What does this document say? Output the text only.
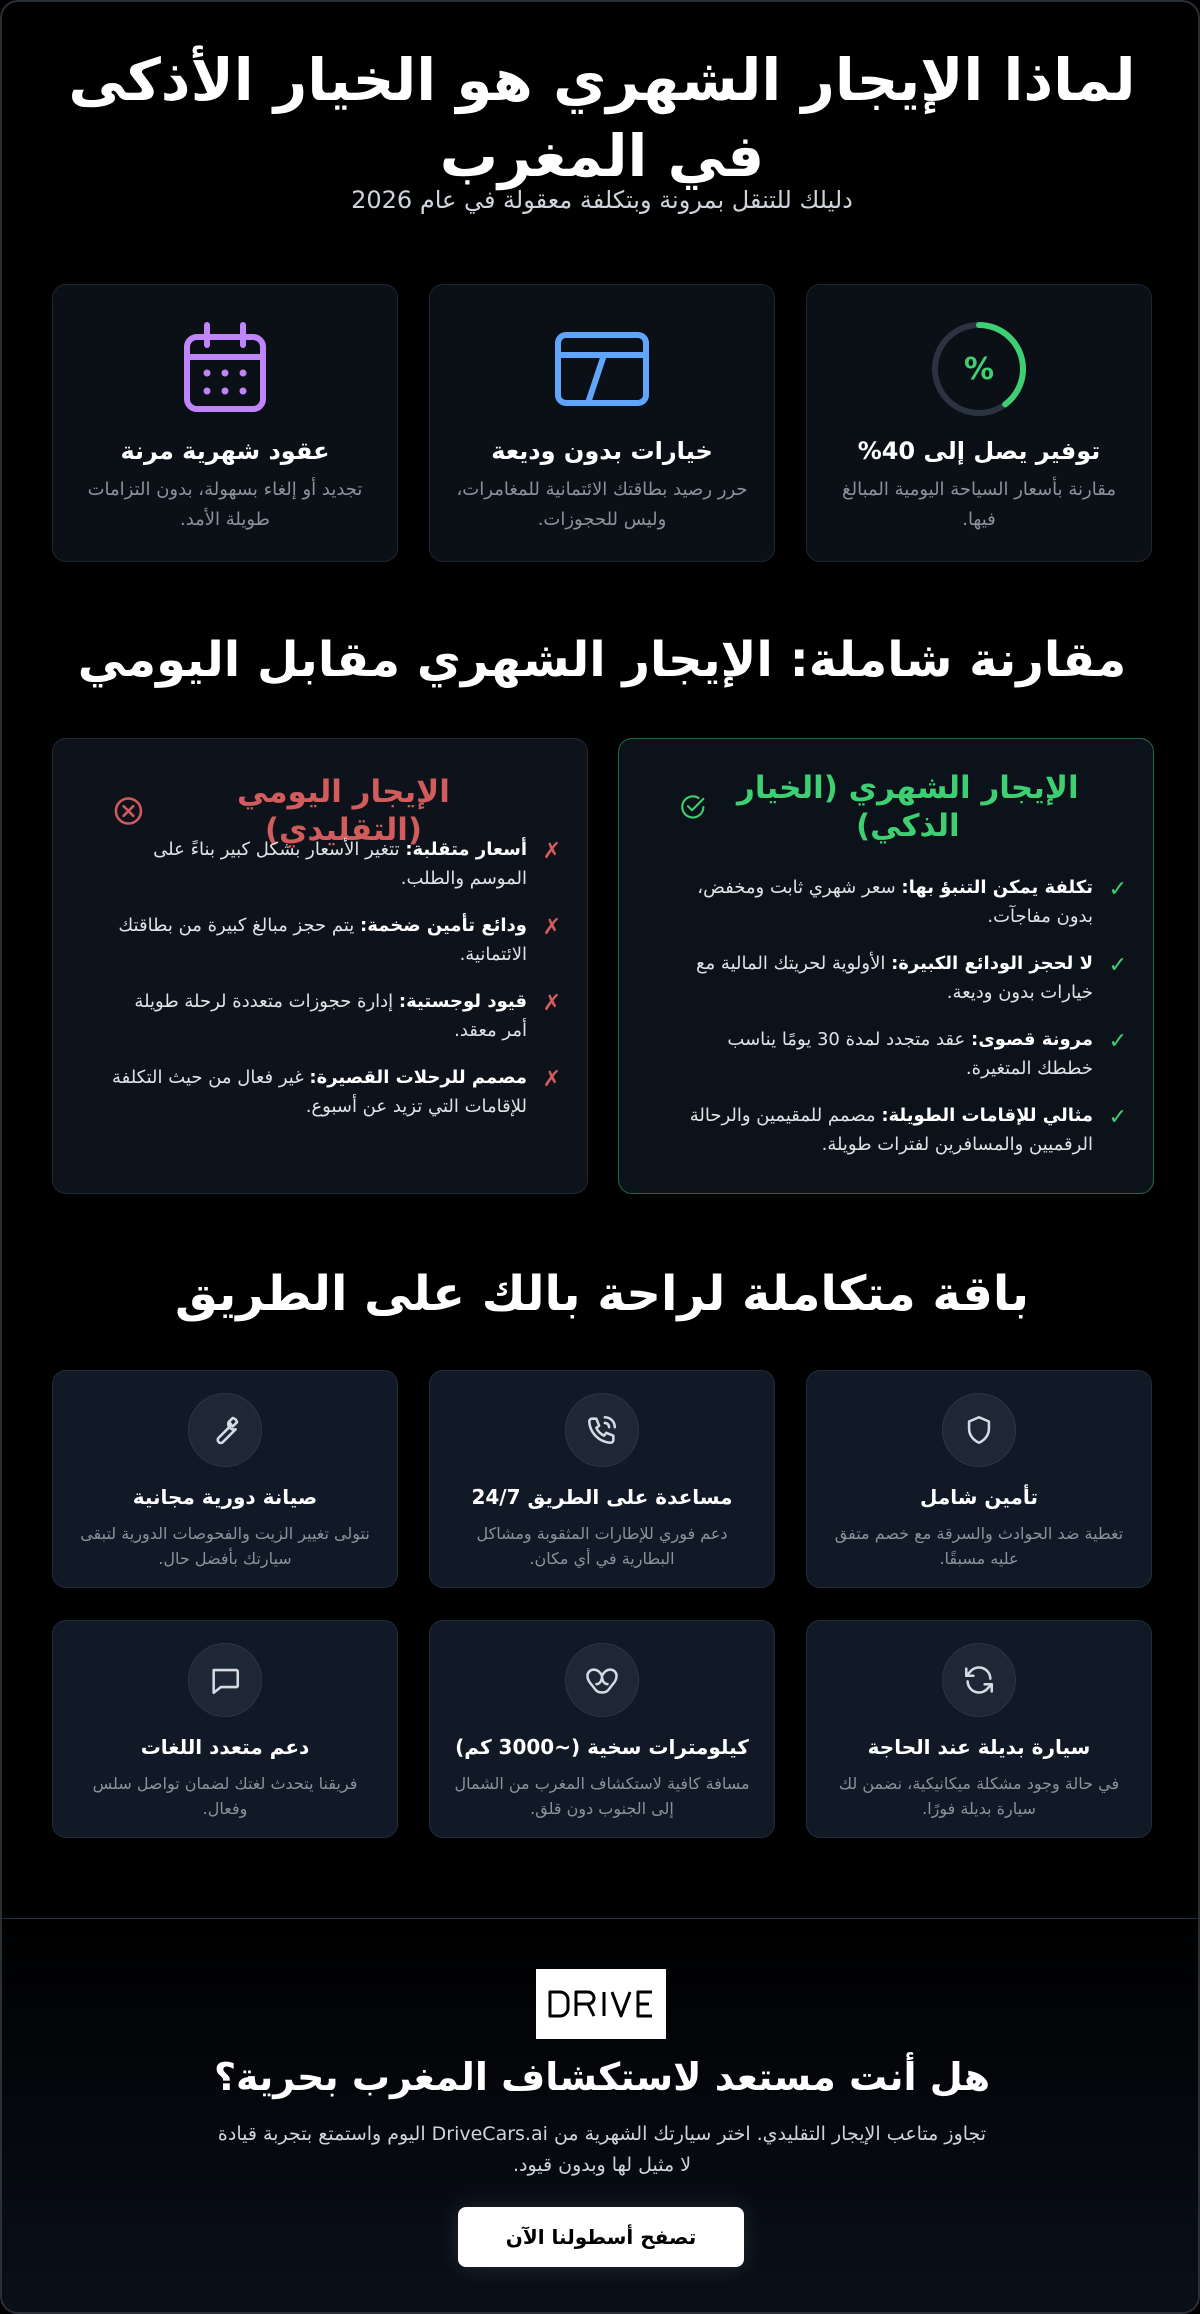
لماذا الإيجار الشهري هو الخيار الأذكى في المغرب
دليلك للتنقل بمرونة وبتكلفة معقولة في عام 2026
%
توفير يصل إلى 40%

مقارنة بأسعار السياحة اليومية المبالغ فيها.

خيارات بدون وديعة

حرر رصيد بطاقتك الائتمانية للمغامرات، وليس للحجوزات.

عقود شهرية مرنة

تجديد أو إلغاء بسهولة، بدون التزامات طويلة الأمد.

مقارنة شاملة: الإيجار الشهري مقابل اليومي
الإيجار الشهري (الخيار الذكي)
✓
تكلفة يمكن التنبؤ بها: سعر شهري ثابت ومخفض، بدون مفاجآت.
✓
لا لحجز الودائع الكبيرة: الأولوية لحريتك المالية مع خيارات بدون وديعة.
✓
مرونة قصوى: عقد متجدد لمدة 30 يومًا يناسب خططك المتغيرة.
✓
مثالي للإقامات الطويلة: مصمم للمقيمين والرحالة الرقميين والمسافرين لفترات طويلة.
الإيجار اليومي (التقليدي)
✗
أسعار متقلبة: تتغير الأسعار بشكل كبير بناءً على الموسم والطلب.
✗
ودائع تأمين ضخمة: يتم حجز مبالغ كبيرة من بطاقتك الائتمانية.
✗
قيود لوجستية: إدارة حجوزات متعددة لرحلة طويلة أمر معقد.
✗
مصمم للرحلات القصيرة: غير فعال من حيث التكلفة للإقامات التي تزيد عن أسبوع.
باقة متكاملة لراحة بالك على الطريق
تأمين شامل

تغطية ضد الحوادث والسرقة مع خصم متفق عليه مسبقًا.

مساعدة على الطريق 24/7

دعم فوري للإطارات المثقوبة ومشاكل البطارية في أي مكان.

صيانة دورية مجانية

نتولى تغيير الزيت والفحوصات الدورية لتبقى سيارتك بأفضل حال.

سيارة بديلة عند الحاجة

في حالة وجود مشكلة ميكانيكية، نضمن لك سيارة بديلة فورًا.

كيلومترات سخية (~3000 كم)

مسافة كافية لاستكشاف المغرب من الشمال إلى الجنوب دون قلق.

دعم متعدد اللغات

فريقنا يتحدث لغتك لضمان تواصل سلس وفعال.

هل أنت مستعد لاستكشاف المغرب بحرية؟

تجاوز متاعب الإيجار التقليدي. اختر سيارتك الشهرية من DriveCars.ai اليوم واستمتع بتجربة قيادة لا مثيل لها وبدون قيود.

تصفح أسطولنا الآن
